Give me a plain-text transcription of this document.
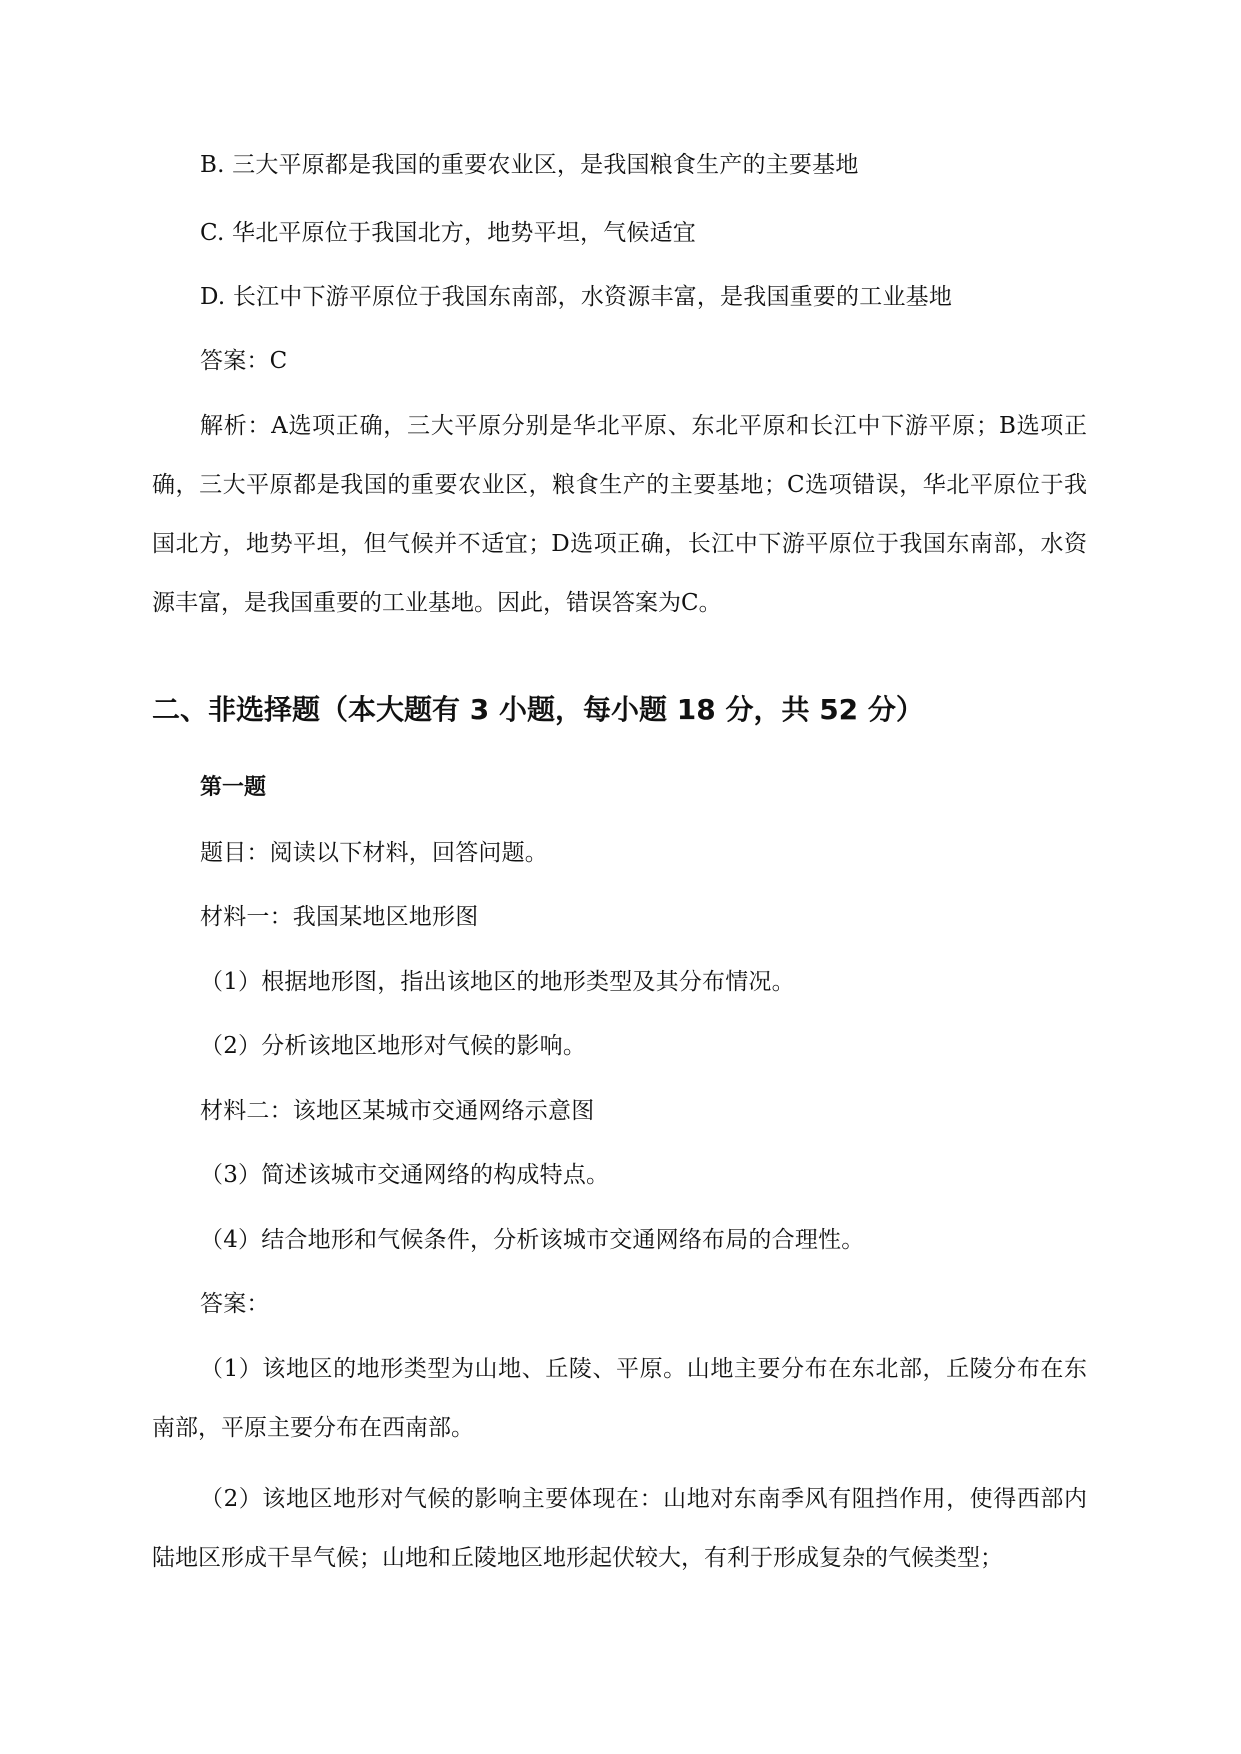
B. 三大平原都是我国的重要农业区，是我国粮食生产的主要基地
C. 华北平原位于我国北方，地势平坦，气候适宜
D. 长江中下游平原位于我国东南部，水资源丰富，是我国重要的工业基地
答案：C
解析：A选项正确，三大平原分别是华北平原、东北平原和长江中下游平原；B选项正确，三大平原都是我国的重要农业区，粮食生产的主要基地；C选项错误，华北平原位于我国北方，地势平坦，但气候并不适宜；D选项正确，长江中下游平原位于我国东南部，水资源丰富，是我国重要的工业基地。因此，错误答案为C。
二、非选择题（本大题有 3 小题，每小题 18 分，共 52 分）
第一题
题目：阅读以下材料，回答问题。
材料一：我国某地区地形图
（1）根据地形图，指出该地区的地形类型及其分布情况。
（2）分析该地区地形对气候的影响。
材料二：该地区某城市交通网络示意图
（3）简述该城市交通网络的构成特点。
（4）结合地形和气候条件，分析该城市交通网络布局的合理性。
答案：
（1）该地区的地形类型为山地、丘陵、平原。山地主要分布在东北部，丘陵分布在东南部，平原主要分布在西南部。
（2）该地区地形对气候的影响主要体现在：山地对东南季风有阻挡作用，使得西部内陆地区形成干旱气候；山地和丘陵地区地形起伏较大，有利于形成复杂的气候类型；
